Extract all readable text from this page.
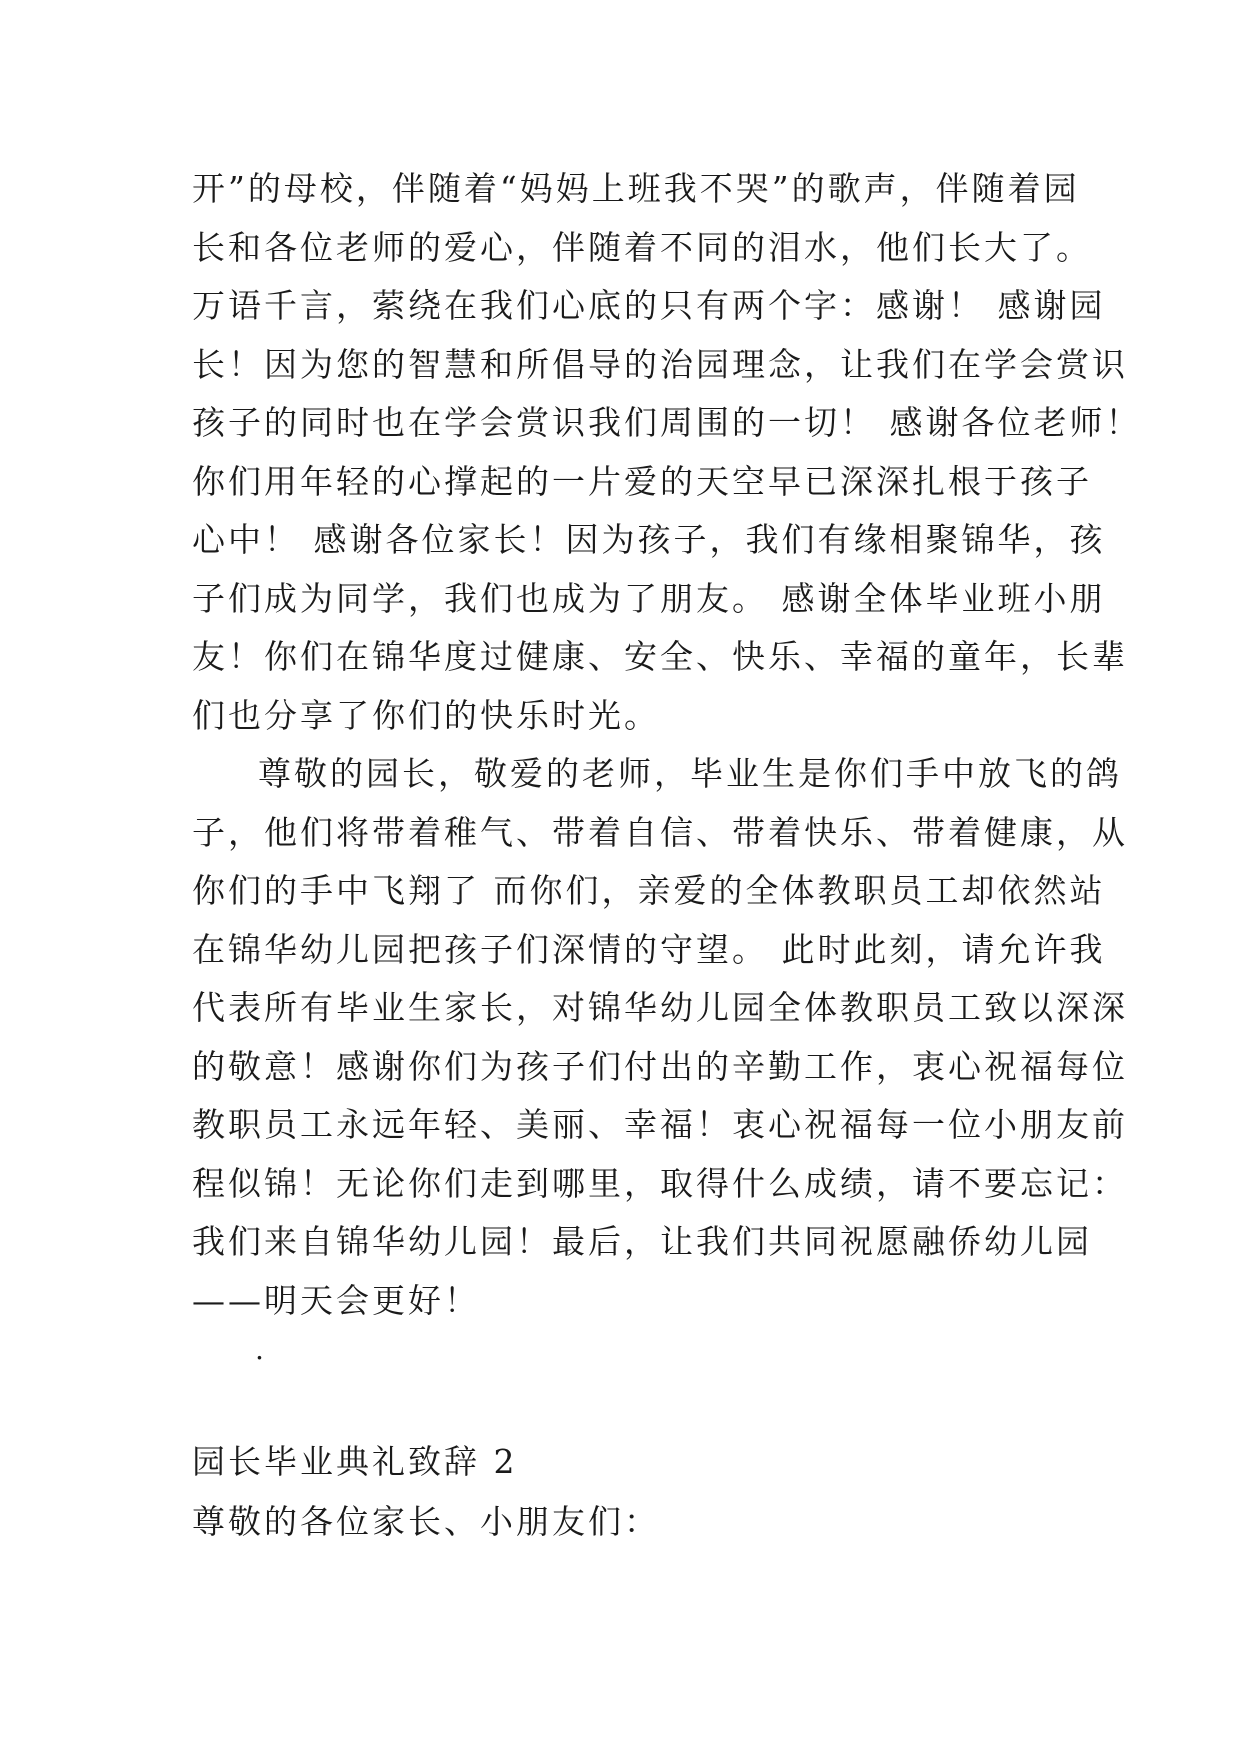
开”的母校，伴随着“妈妈上班我不哭”的歌声，伴随着园
长和各位老师的爱心，伴随着不同的泪水，他们长大了。
万语千言，萦绕在我们心底的只有两个字：感谢！ 感谢园
长！因为您的智慧和所倡导的治园理念，让我们在学会赏识
孩子的同时也在学会赏识我们周围的一切！ 感谢各位老师！
你们用年轻的心撑起的一片爱的天空早已深深扎根于孩子
心中！ 感谢各位家长！因为孩子，我们有缘相聚锦华，孩
子们成为同学，我们也成为了朋友。 感谢全体毕业班小朋
友！你们在锦华度过健康、安全、快乐、幸福的童年，长辈
们也分享了你们的快乐时光。
尊敬的园长，敬爱的老师，毕业生是你们手中放飞的鸽
子，他们将带着稚气、带着自信、带着快乐、带着健康，从
你们的手中飞翔了 而你们，亲爱的全体教职员工却依然站
在锦华幼儿园把孩子们深情的守望。 此时此刻，请允许我
代表所有毕业生家长，对锦华幼儿园全体教职员工致以深深
的敬意！感谢你们为孩子们付出的辛勤工作，衷心祝福每位
教职员工永远年轻、美丽、幸福！衷心祝福每一位小朋友前
程似锦！无论你们走到哪里，取得什么成绩，请不要忘记：
我们来自锦华幼儿园！最后，让我们共同祝愿融侨幼儿园
——明天会更好！
.
园长毕业典礼致辞 2
尊敬的各位家长、小朋友们：
